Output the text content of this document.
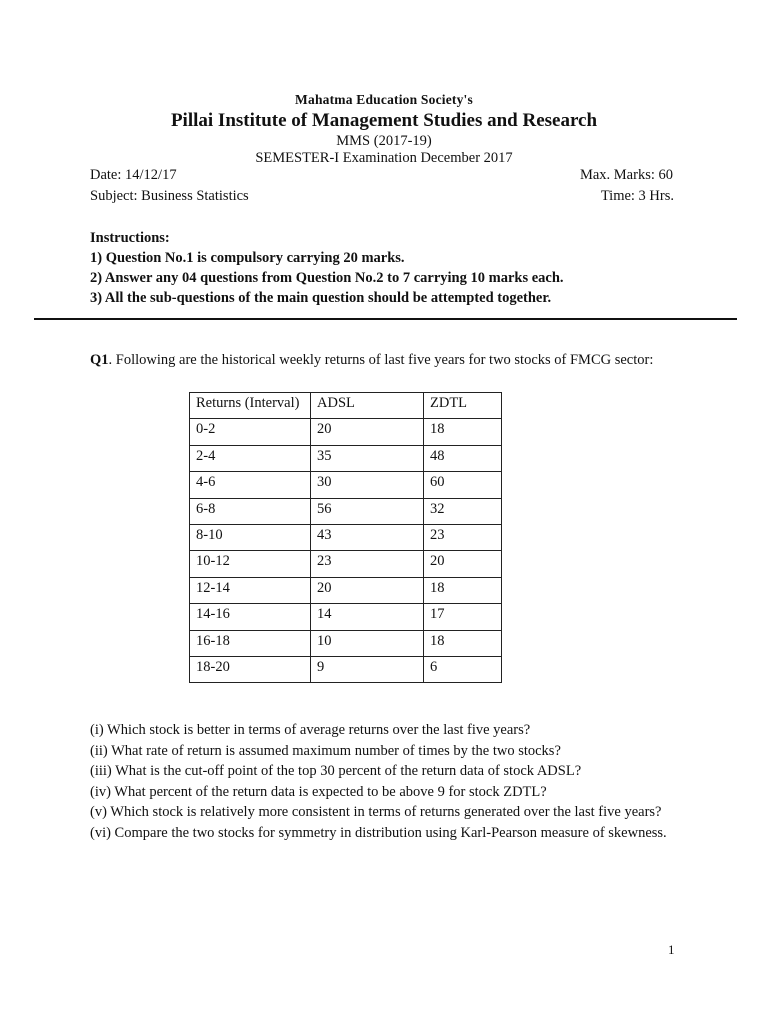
Mahatma Education Society's
Pillai Institute of Management Studies and Research
MMS (2017-19)
SEMESTER-I Examination December 2017
Date: 14/12/17	Max. Marks: 60
Subject: Business Statistics	Time: 3 Hrs.
Instructions:
1) Question No.1 is compulsory carrying 20 marks.
2) Answer any 04 questions from Question No.2 to 7 carrying 10 marks each.
3) All the sub-questions of the main question should be attempted together.
Q1. Following are the historical weekly returns of last five years for two stocks of FMCG sector:
Returns (Interval)	ADSL	ZDTL
0-2	20	18
2-4	35	48
4-6	30	60
6-8	56	32
8-10	43	23
10-12	23	20
12-14	20	18
14-16	14	17
16-18	10	18
18-20	9	6
(i) Which stock is better in terms of average returns over the last five years?
(ii) What rate of return is assumed maximum number of times by the two stocks?
(iii) What is the cut-off point of the top 30 percent of the return data of stock ADSL?
(iv) What percent of the return data is expected to be above 9 for stock ZDTL?
(v) Which stock is relatively more consistent in terms of returns generated over the last five years?
(vi) Compare the two stocks for symmetry in distribution using Karl-Pearson measure of skewness.
1
